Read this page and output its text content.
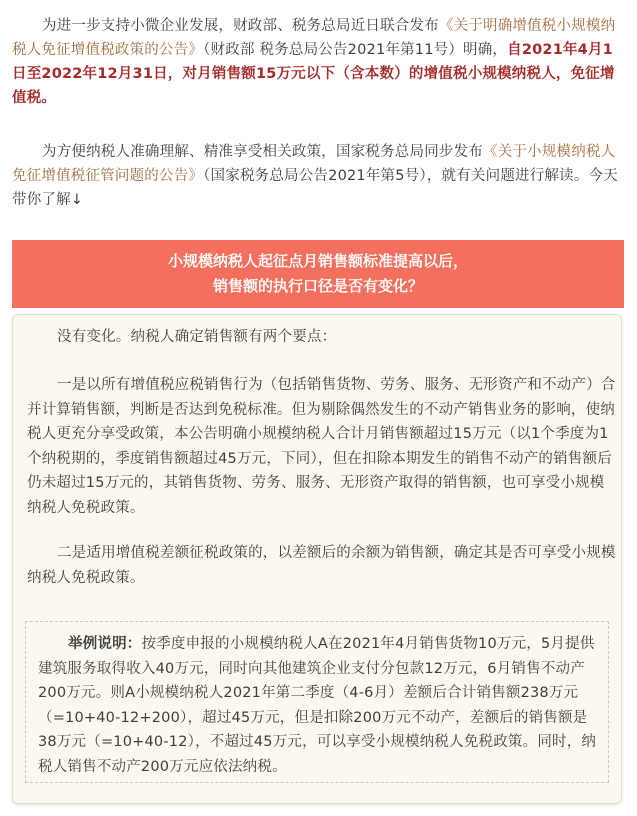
为进一步支持小微企业发展，财政部、税务总局近日联合发布《关于明确增值税小规模纳税人免征增值税政策的公告》（财政部 税务总局公告2021年第11号）明确，自2021年4月1日至2022年12月31日，对月销售额15万元以下（含本数）的增值税小规模纳税人，免征增值税。
为方便纳税人准确理解、精准享受相关政策，国家税务总局同步发布《关于小规模纳税人免征增值税征管问题的公告》（国家税务总局公告2021年第5号），就有关问题进行解读。今天带你了解↓
小规模纳税人起征点月销售额标准提高以后，
销售额的执行口径是否有变化？
没有变化。纳税人确定销售额有两个要点：
一是以所有增值税应税销售行为（包括销售货物、劳务、服务、无形资产和不动产）合并计算销售额，判断是否达到免税标准。但为剔除偶然发生的不动产销售业务的影响，使纳税人更充分享受政策，本公告明确小规模纳税人合计月销售额超过15万元（以1个季度为1个纳税期的，季度销售额超过45万元，下同），但在扣除本期发生的销售不动产的销售额后仍未超过15万元的，其销售货物、劳务、服务、无形资产取得的销售额，也可享受小规模纳税人免税政策。
二是适用增值税差额征税政策的，以差额后的余额为销售额，确定其是否可享受小规模纳税人免税政策。
举例说明：按季度申报的小规模纳税人A在2021年4月销售货物10万元，5月提供建筑服务取得收入40万元，同时向其他建筑企业支付分包款12万元，6月销售不动产200万元。则A小规模纳税人2021年第二季度（4-6月）差额后合计销售额238万元（=10+40-12+200），超过45万元，但是扣除200万元不动产，差额后的销售额是38万元（=10+40-12），不超过45万元，可以享受小规模纳税人免税政策。同时，纳税人销售不动产200万元应依法纳税。
